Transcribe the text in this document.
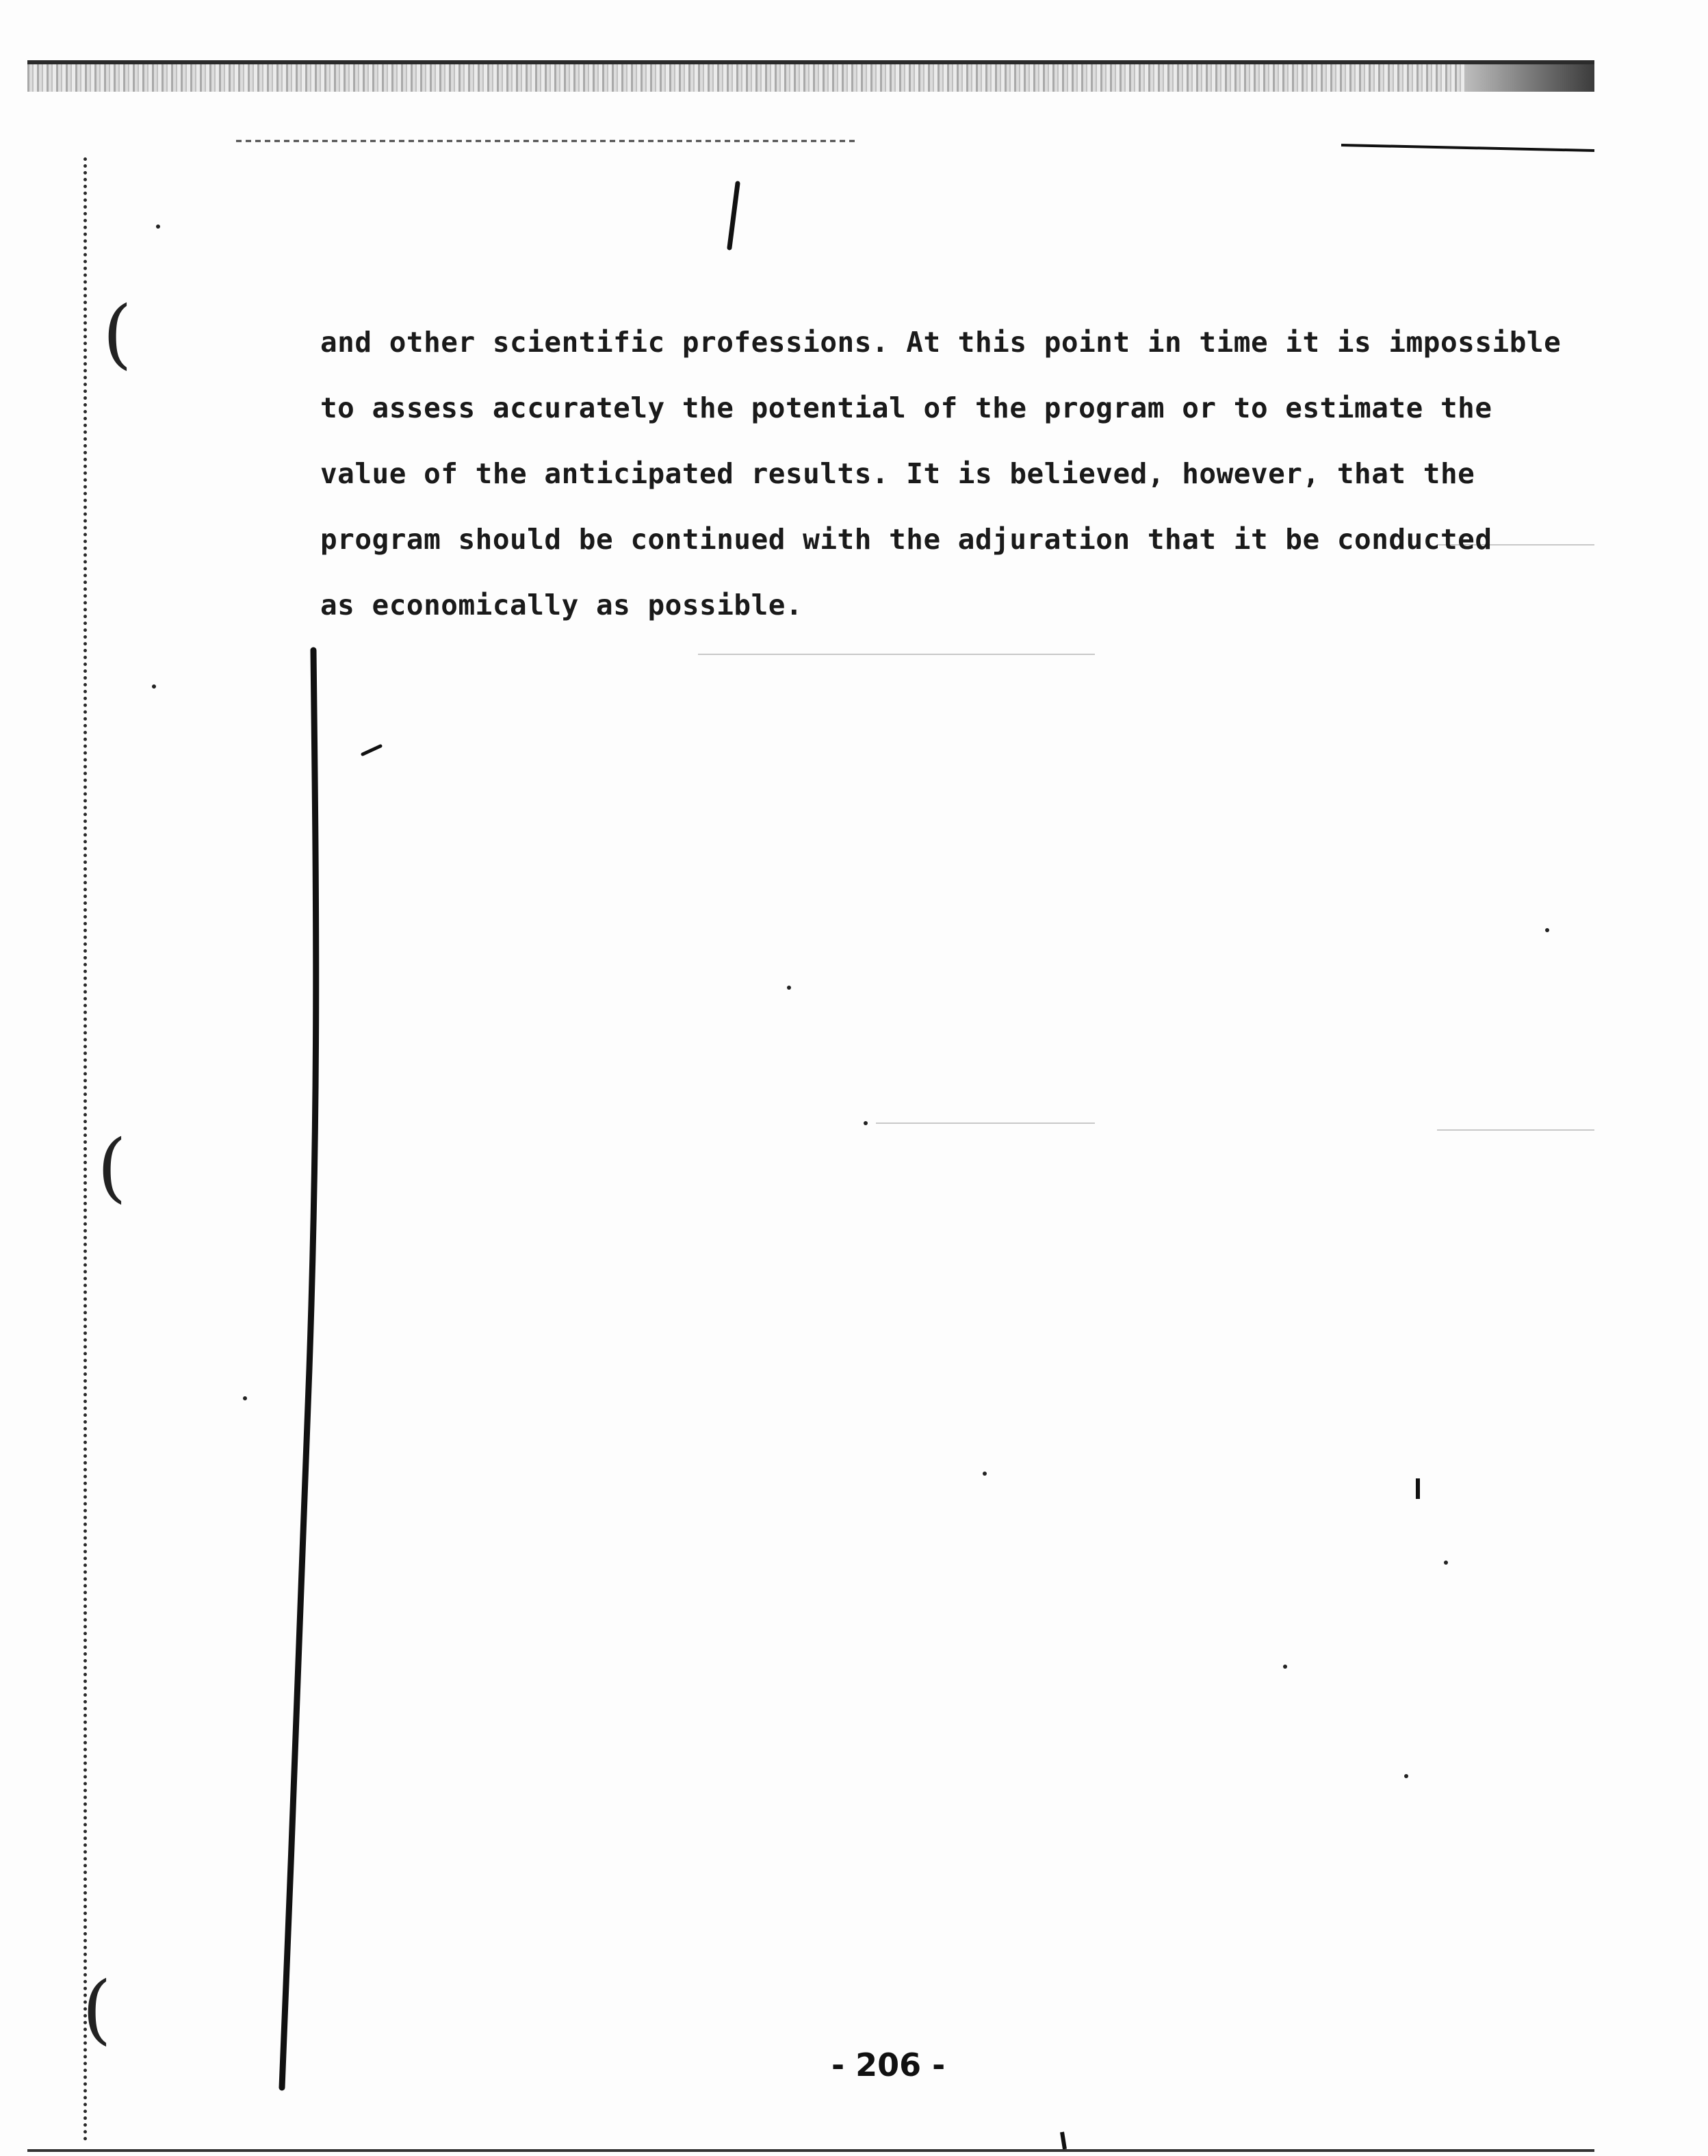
(
(
(
and other scientific professions. At this point in time it is impossible
to assess accurately the potential of the program or to estimate the
value of the anticipated results. It is believed, however, that the
program should be continued with the adjuration that it be conducted
as economically as possible.
- 206 -
